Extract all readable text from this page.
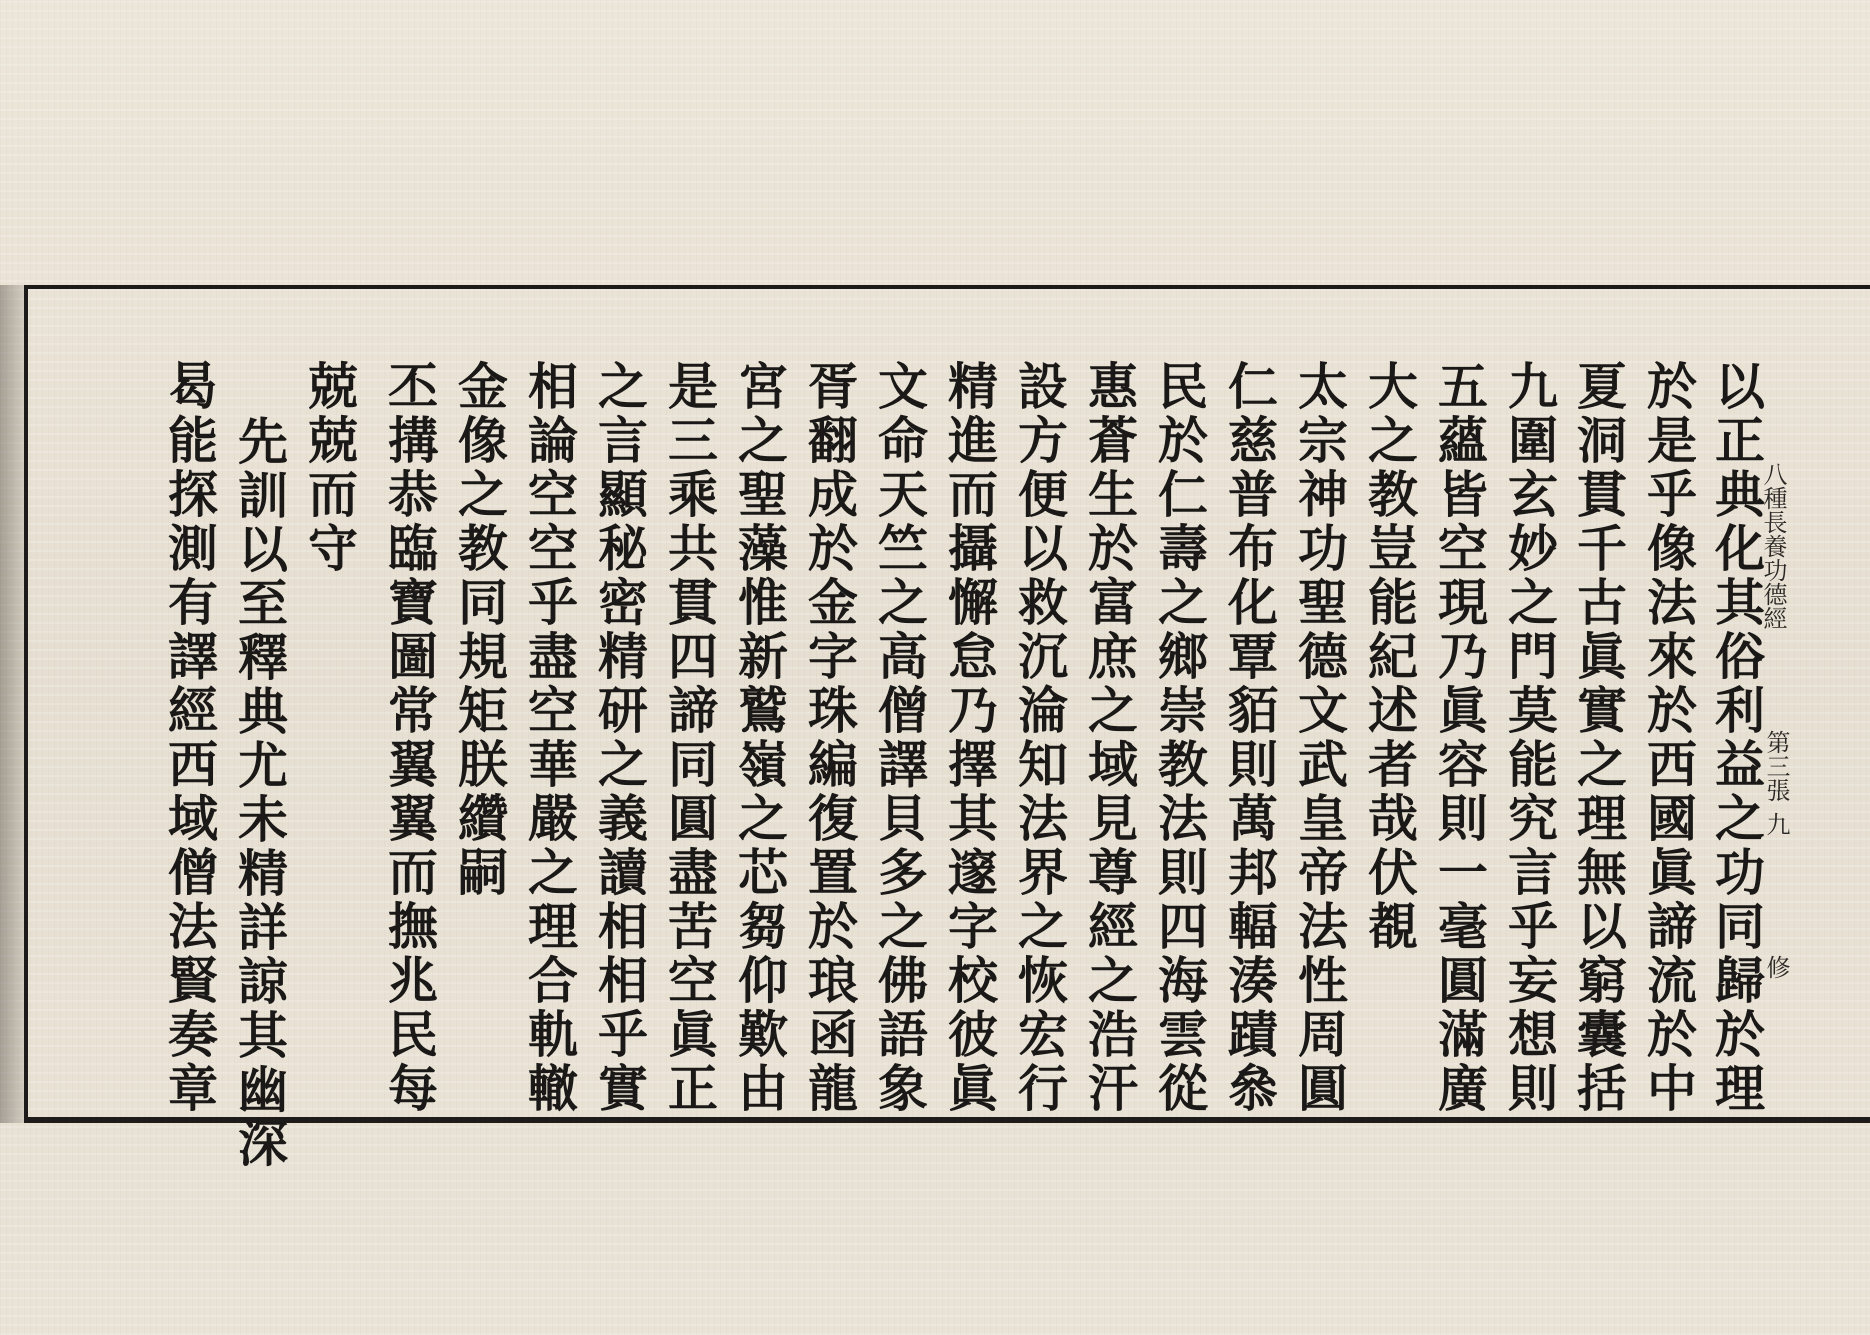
八種長養功德經
第三張
九
修
以正典化其俗利益之功同歸於理
於是乎像法來於西國眞諦流於中
夏洞貫千古眞實之理無以窮囊括
九圍玄妙之門莫能究言乎妄想則
五蘊皆空現乃眞容則一毫圓滿廣
大之教豈能紀述者哉伏覩
太宗神功聖德文武皇帝法性周圓
仁慈普布化覃貊則萬邦輻湊蹟叅
民於仁壽之鄉崇教法則四海雲從
惠蒼生於富庶之域見尊經之浩汗
設方便以救沉淪知法界之恢宏行
精進而攝懈怠乃擇其邃字校彼眞
文命天竺之高僧譯貝多之佛語象
胥翻成於金字珠編復置於琅函龍
宮之聖藻惟新鷲嶺之芯芻仰歎由
是三乘共貫四諦同圓盡苦空眞正
之言顯秘密精研之義讀相相乎實
相論空空乎盡空華嚴之理合軌轍
金像之教同規矩朕纘嗣
丕搆恭臨寶圖常翼翼而撫兆民每
兢兢而守
先訓以至釋典尤未精詳諒其幽深
曷能探測有譯經西域僧法賢奏章
